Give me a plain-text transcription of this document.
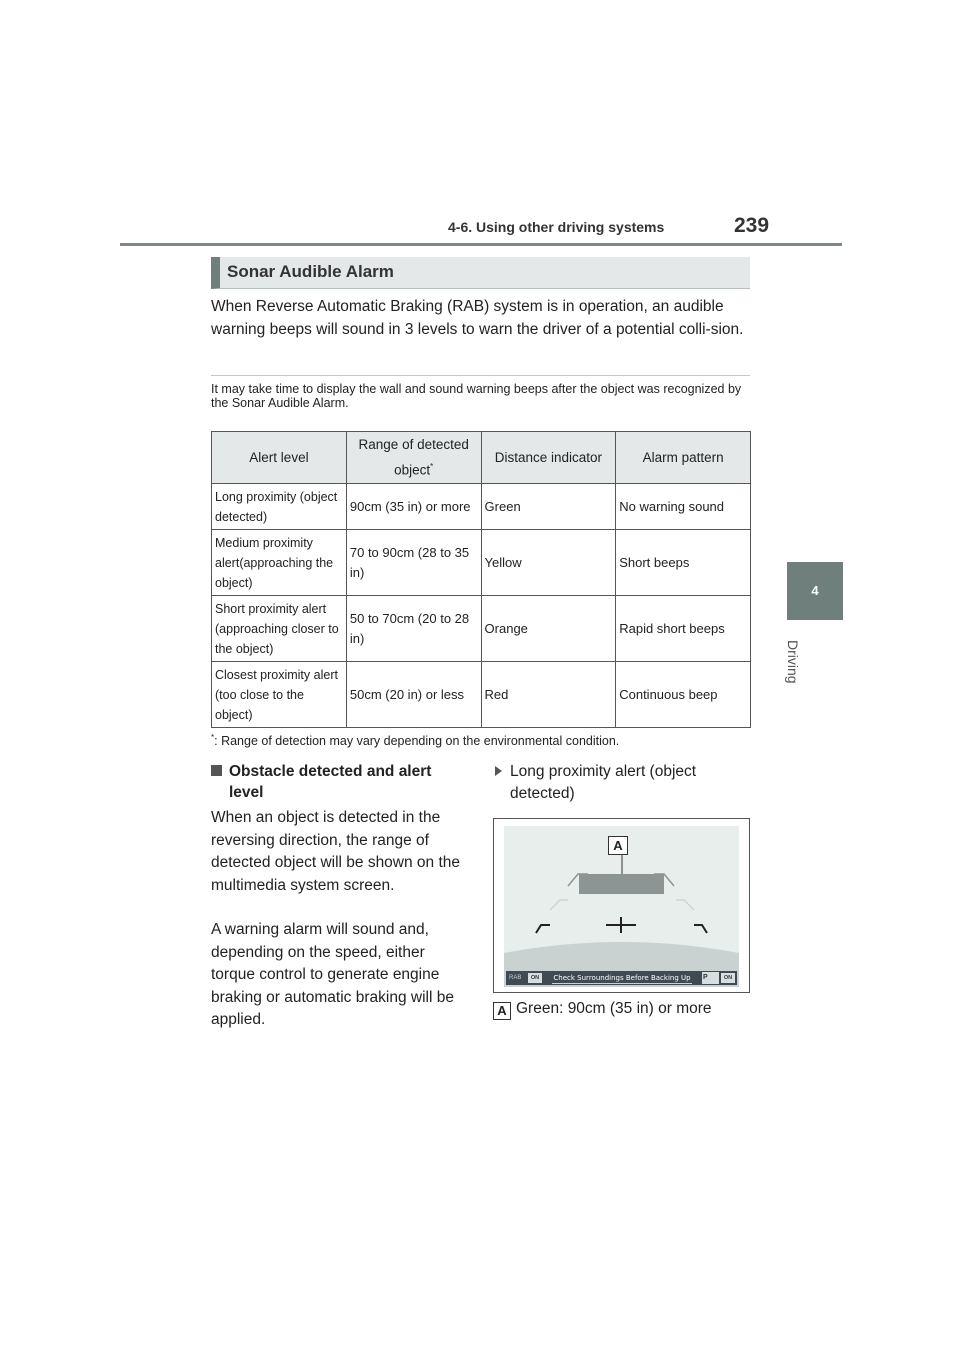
4-6. Using other driving systems	239
4
Driving
Sonar Audible Alarm

When Reverse Automatic Braking (RAB) system is in operation, an audible warning beeps will sound in 3 levels to warn the driver of a potential colli-sion.

It may take time to display the wall and sound warning beeps after the object was recognized by the Sonar Audible Alarm.

Alert level	Range of detected object*	Distance indicator	Alarm pattern
Long proximity (object detected)	90cm (35 in) or more	Green	No warning sound
Medium proximity alert(approaching the object)	70 to 90cm (28 to 35 in)	Yellow	Short beeps
Short proximity alert (approaching closer to the object)	50 to 70cm (20 to 28 in)	Orange	Rapid short beeps
Closest proximity alert (too close to the object)	50cm (20 in) or less	Red	Continuous beep
*: Range of detection may vary depending on the environmental condition.
Obstacle detected and alert level

When an object is detected in the reversing direction, the range of detected object will be shown on the multimedia system screen.

A warning alarm will sound and, depending on the speed, either torque control to generate engine braking or automatic braking will be applied.

Long proximity alert (object detected)
A
RAB	ON	Check Surroundings Before Backing Up	P	ON
A Green: 90cm (35 in) or more
